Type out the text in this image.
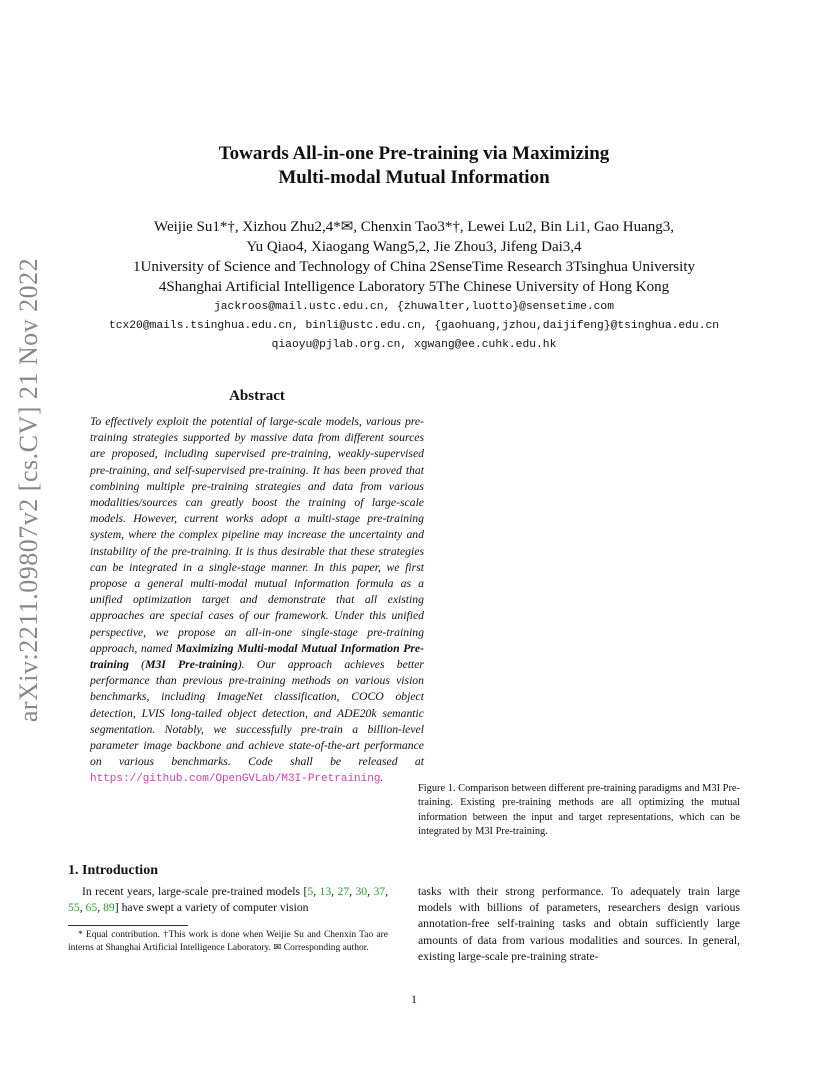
arXiv:2211.09807v2 [cs.CV] 21 Nov 2022
Towards All-in-one Pre-training via Maximizing
Multi-modal Mutual Information
Weijie Su1*†, Xizhou Zhu2,4*✉, Chenxin Tao3*†, Lewei Lu2, Bin Li1, Gao Huang3,
Yu Qiao4, Xiaogang Wang5,2, Jie Zhou3, Jifeng Dai3,4
1University of Science and Technology of China 2SenseTime Research 3Tsinghua University
4Shanghai Artificial Intelligence Laboratory 5The Chinese University of Hong Kong
jackroos@mail.ustc.edu.cn, {zhuwalter,luotto}@sensetime.com
tcx20@mails.tsinghua.edu.cn, binli@ustc.edu.cn, {gaohuang,jzhou,daijifeng}@tsinghua.edu.cn
qiaoyu@pjlab.org.cn, xgwang@ee.cuhk.edu.hk
Abstract
To effectively exploit the potential of large-scale models, various pre-training strategies supported by massive data from different sources are proposed, including supervised pre-training, weakly-supervised pre-training, and self-supervised pre-training. It has been proved that combining multiple pre-training strategies and data from various modalities/sources can greatly boost the training of large-scale models. However, current works adopt a multi-stage pre-training system, where the complex pipeline may increase the uncertainty and instability of the pre-training. It is thus desirable that these strategies can be integrated in a single-stage manner. In this paper, we first propose a general multi-modal mutual information formula as a unified optimization target and demonstrate that all existing approaches are special cases of our framework. Under this unified perspective, we propose an all-in-one single-stage pre-training approach, named Maximizing Multi-modal Mutual Information Pre-training (M3I Pre-training). Our approach achieves better performance than previous pre-training methods on various vision benchmarks, including ImageNet classification, COCO object detection, LVIS long-tailed object detection, and ADE20k semantic segmentation. Notably, we successfully pre-train a billion-level parameter image backbone and achieve state-of-the-art performance on various benchmarks. Code shall be released at https://github.com/OpenGVLab/M3I-Pretraining.
1. Introduction
In recent years, large-scale pre-trained models [5, 13, 27, 30, 37, 55, 65, 89] have swept a variety of computer vision
* Equal contribution. †This work is done when Weijie Su and Chenxin Tao are interns at Shanghai Artificial Intelligence Laboratory. ✉ Corresponding author.
Figure 1. Comparison between different pre-training paradigms and M3I Pre-training. Existing pre-training methods are all optimizing the mutual information between the input and target representations, which can be integrated by M3I Pre-training.
tasks with their strong performance. To adequately train large models with billions of parameters, researchers design various annotation-free self-training tasks and obtain sufficiently large amounts of data from various modalities and sources. In general, existing large-scale pre-training strate-
1
